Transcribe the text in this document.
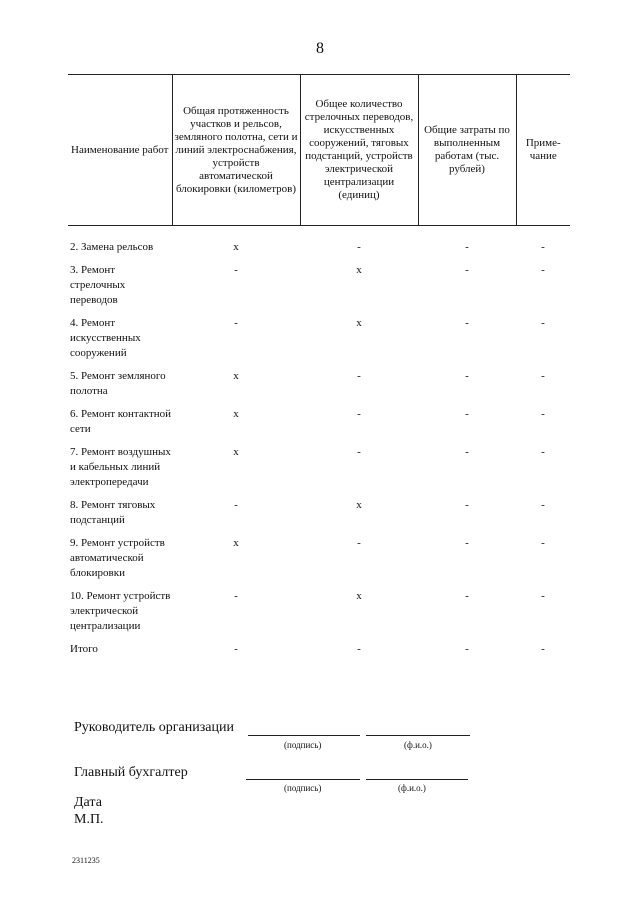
8
Наименование работ	Общая протяженность участков и рельсов, земляного полотна, сети и линий электроснабжения, устройств автоматической блокировки (километров)	Общее количество стрелочных переводов, искусственных сооружений, тяговых подстанций, устройств электрической централизации (единиц)	Общие затраты по выполненным работам (тыс. рублей)	Приме-чание
2. Замена рельсов	x	-	-	-
3. Ремонт стрелочных переводов	-	x	-	-
4. Ремонт искусственных сооружений	-	x	-	-
5. Ремонт земляного полотна	x	-	-	-
6. Ремонт контактной сети	x	-	-	-
7. Ремонт воздушных и кабельных линий электропередачи	x	-	-	-
8. Ремонт тяговых подстанций	-	x	-	-
9. Ремонт устройств автоматической блокировки	x	-	-	-
10. Ремонт устройств электрической централизации	-	x	-	-
Итого	-	-	-	-
Руководитель организации
(подпись)	(ф.и.о.)
Главный бухгалтер
(подпись)	(ф.и.о.)
Дата
М.П.
2311235
